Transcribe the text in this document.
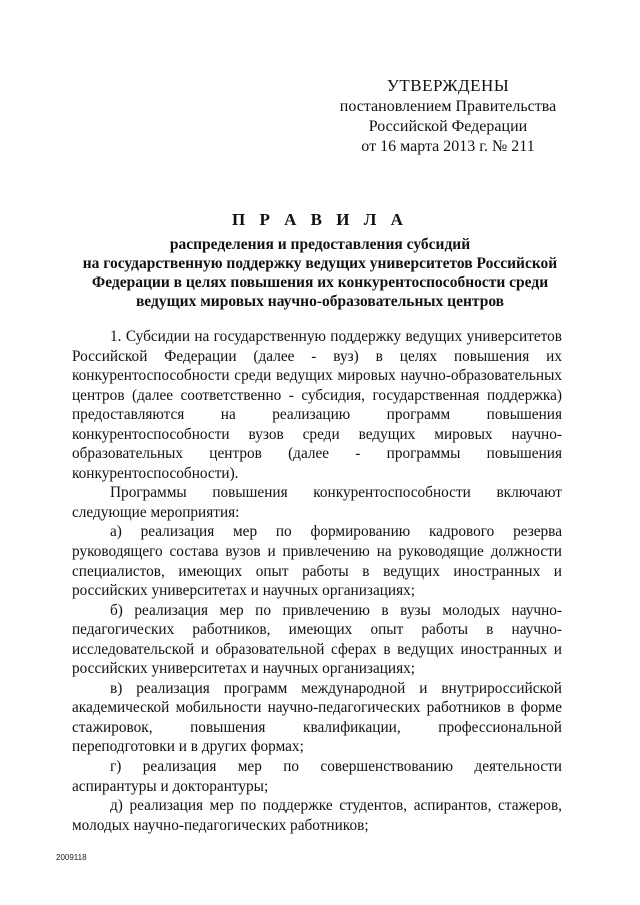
УТВЕРЖДЕНЫ
постановлением Правительства
Российской Федерации
от 16 марта 2013 г. № 211
П Р А В И Л А
распределения и предоставления субсидий
на государственную поддержку ведущих университетов Российской
Федерации в целях повышения их конкурентоспособности среди
ведущих мировых научно-образовательных центров

1. Субсидии на государственную поддержку ведущих университетов Российской Федерации (далее - вуз) в целях повышения их конкурентоспособности среди ведущих мировых научно-образовательных центров (далее соответственно - субсидия, государственная поддержка) предоставляются на реализацию программ повышения конкурентоспособности вузов среди ведущих мировых научно-образовательных центров (далее - программы повышения конкурентоспособности).

Программы повышения конкурентоспособности включают следующие мероприятия:

а) реализация мер по формированию кадрового резерва руководящего состава вузов и привлечению на руководящие должности специалистов, имеющих опыт работы в ведущих иностранных и российских университетах и научных организациях;

б) реализация мер по привлечению в вузы молодых научно-педагогических работников, имеющих опыт работы в научно-исследовательской и образовательной сферах в ведущих иностранных и российских университетах и научных организациях;

в) реализация программ международной и внутрироссийской академической мобильности научно-педагогических работников в форме стажировок, повышения квалификации, профессиональной переподготовки и в других формах;

г) реализация мер по совершенствованию деятельности аспирантуры и докторантуры;

д) реализация мер по поддержке студентов, аспирантов, стажеров, молодых научно-педагогических работников;

2009118
